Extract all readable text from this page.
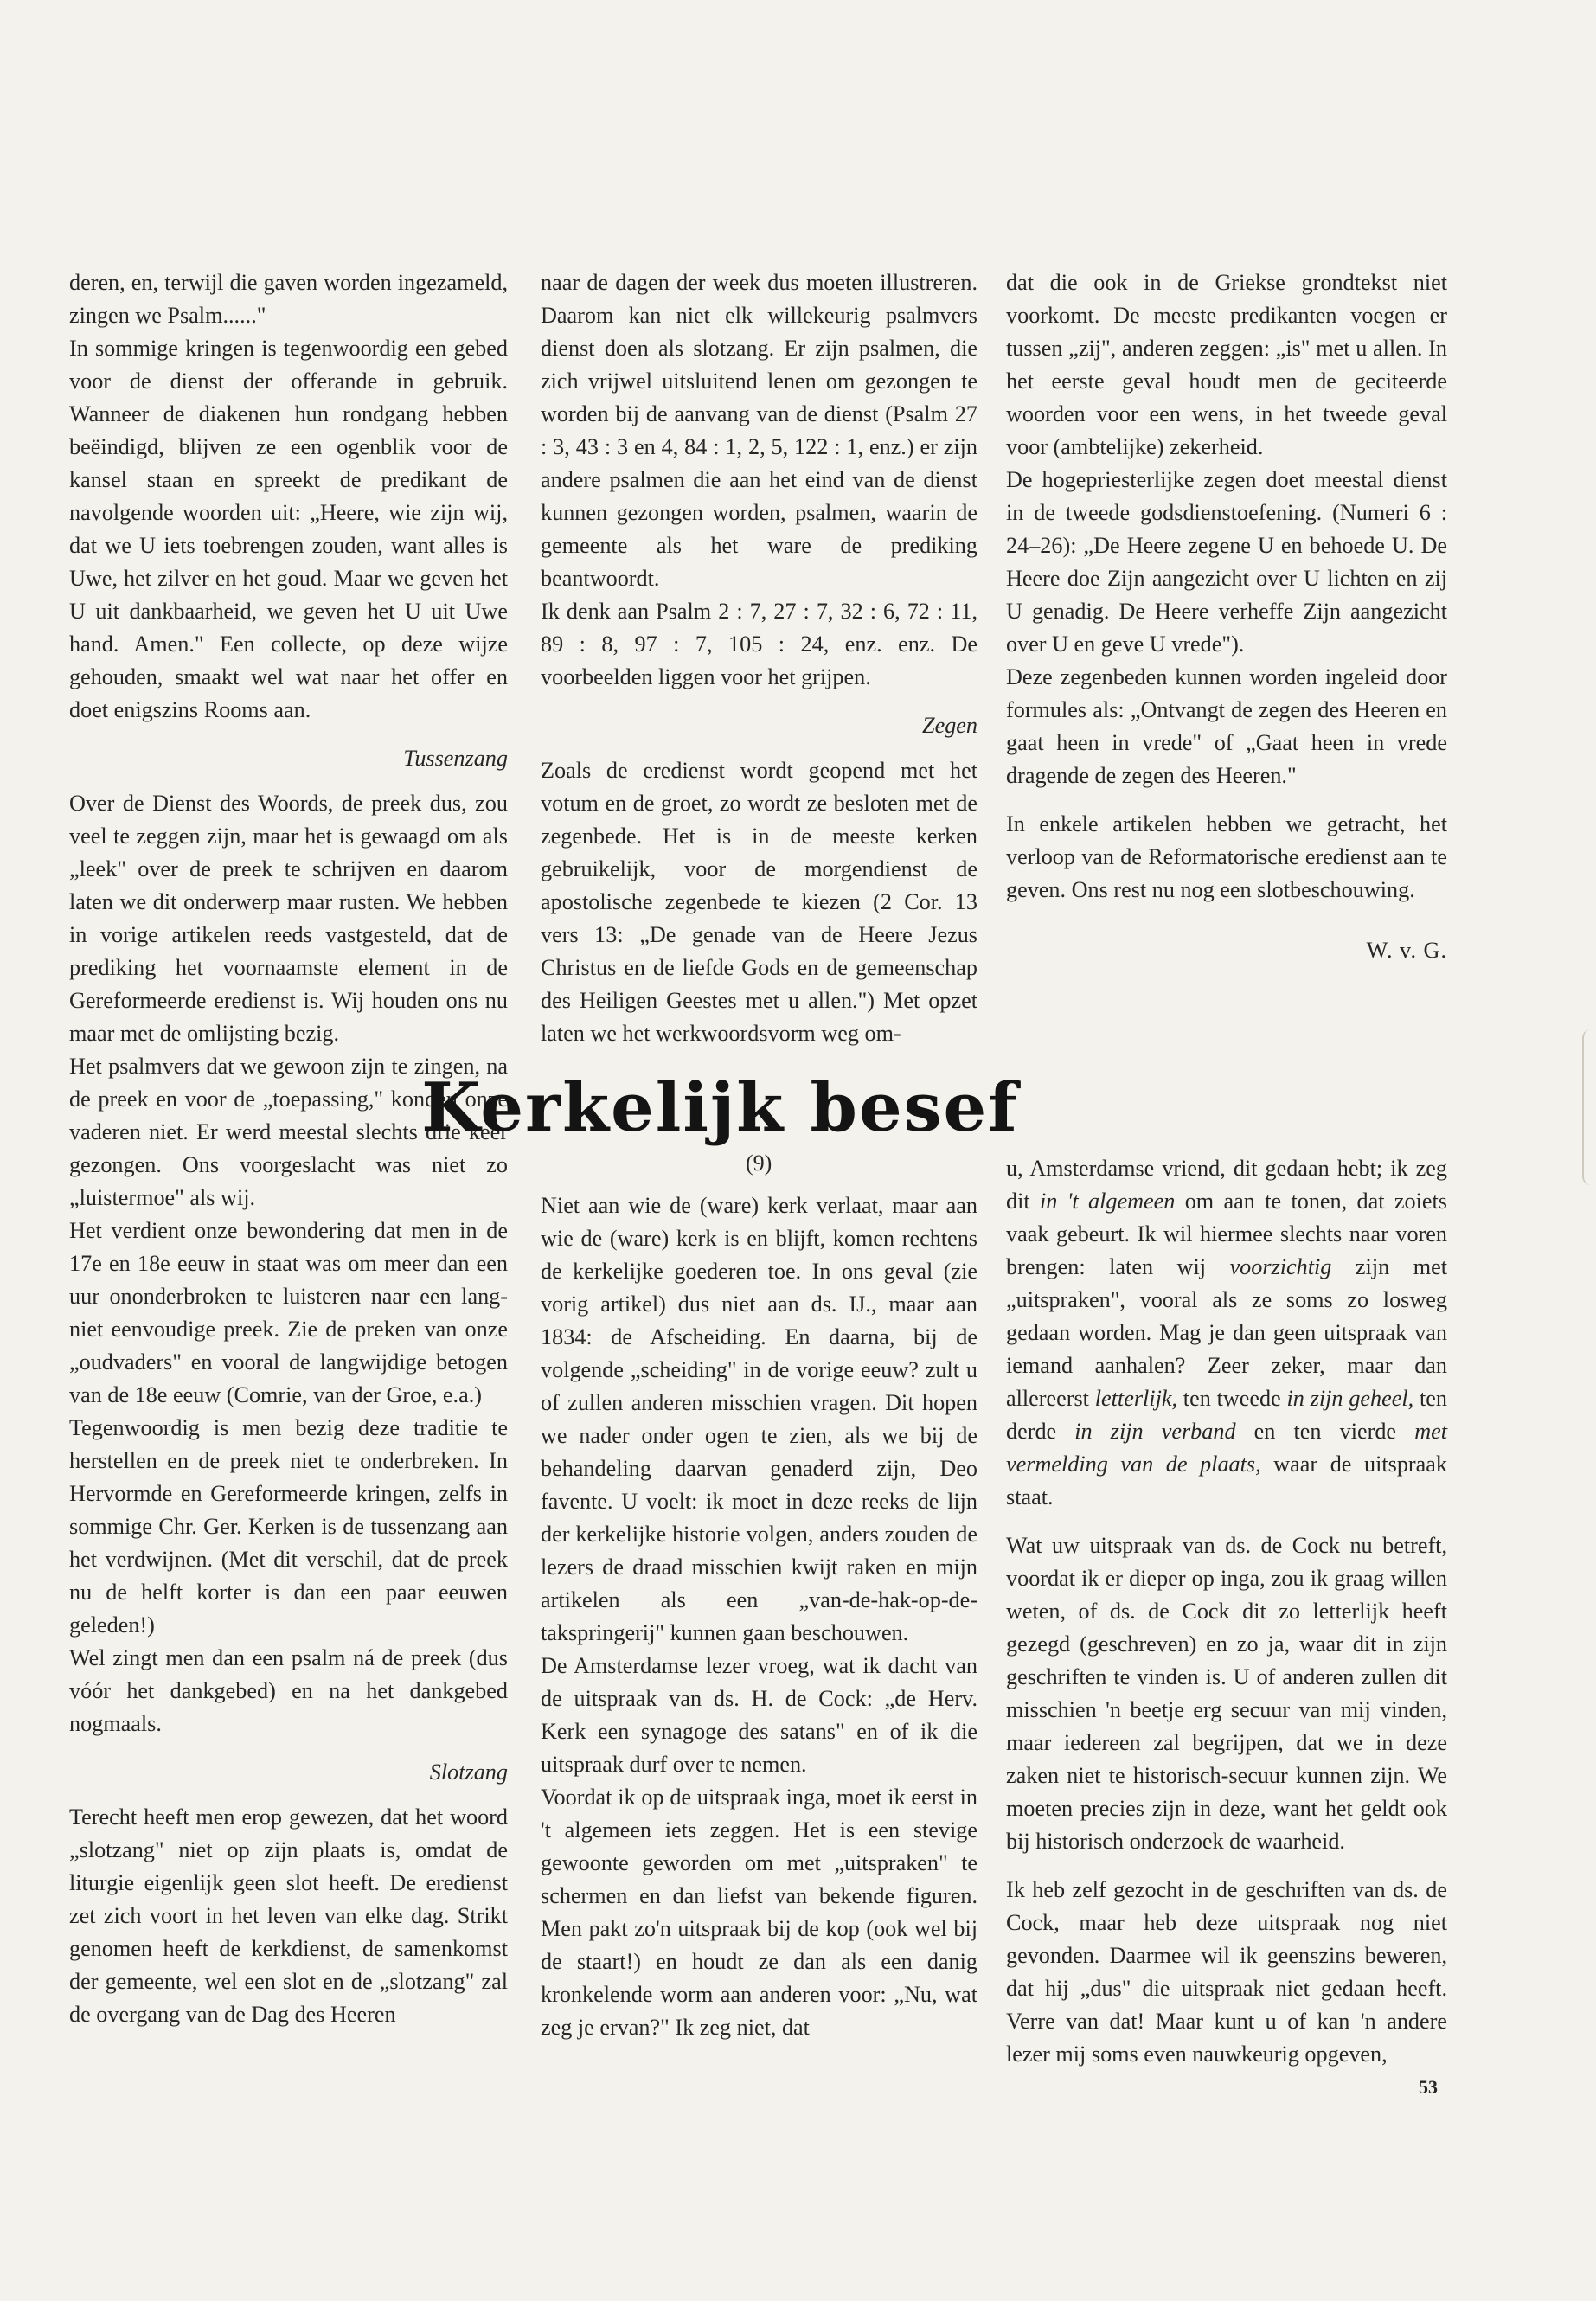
deren, en, terwijl die gaven worden ingezameld, zingen we Psalm......"

In sommige kringen is tegenwoordig een gebed voor de dienst der offerande in gebruik. Wanneer de diakenen hun rondgang hebben beëindigd, blijven ze een ogenblik voor de kansel staan en spreekt de predikant de navolgende woorden uit: „Heere, wie zijn wij, dat we U iets toebrengen zouden, want alles is Uwe, het zilver en het goud. Maar we geven het U uit dankbaarheid, we geven het U uit Uwe hand. Amen." Een collecte, op deze wijze gehouden, smaakt wel wat naar het offer en doet enigszins Rooms aan.

Tussenzang

Over de Dienst des Woords, de preek dus, zou veel te zeggen zijn, maar het is gewaagd om als „leek" over de preek te schrijven en daarom laten we dit onderwerp maar rusten. We hebben in vorige artikelen reeds vastgesteld, dat de prediking het voornaamste element in de Gereformeerde eredienst is. Wij houden ons nu maar met de omlijsting bezig.

Het psalmvers dat we gewoon zijn te zingen, na de preek en voor de „toepassing," konden onze vaderen niet. Er werd meestal slechts drie keer gezongen. Ons voorgeslacht was niet zo „luistermoe" als wij.

Het verdient onze bewondering dat men in de 17e en 18e eeuw in staat was om meer dan een uur ononderbroken te luisteren naar een lang-niet eenvoudige preek. Zie de preken van onze „oudvaders" en vooral de langwijdige betogen van de 18e eeuw (Comrie, van der Groe, e.a.)

Tegenwoordig is men bezig deze traditie te herstellen en de preek niet te onderbreken. In Hervormde en Gereformeerde kringen, zelfs in sommige Chr. Ger. Kerken is de tussenzang aan het verdwijnen. (Met dit verschil, dat de preek nu de helft korter is dan een paar eeuwen geleden!)

Wel zingt men dan een psalm ná de preek (dus vóór het dankgebed) en na het dankgebed nogmaals.

Slotzang

Terecht heeft men erop gewezen, dat het woord „slotzang" niet op zijn plaats is, omdat de liturgie eigenlijk geen slot heeft. De eredienst zet zich voort in het leven van elke dag. Strikt genomen heeft de kerkdienst, de samenkomst der gemeente, wel een slot en de „slotzang" zal de overgang van de Dag des Heeren

naar de dagen der week dus moeten illustreren. Daarom kan niet elk willekeurig psalmvers dienst doen als slotzang. Er zijn psalmen, die zich vrijwel uitsluitend lenen om gezongen te worden bij de aanvang van de dienst (Psalm 27 : 3, 43 : 3 en 4, 84 : 1, 2, 5, 122 : 1, enz.) er zijn andere psalmen die aan het eind van de dienst kunnen gezongen worden, psalmen, waarin de gemeente als het ware de prediking beantwoordt.

Ik denk aan Psalm 2 : 7, 27 : 7, 32 : 6, 72 : 11, 89 : 8, 97 : 7, 105 : 24, enz. enz. De voorbeelden liggen voor het grijpen.

Zegen

Zoals de eredienst wordt geopend met het votum en de groet, zo wordt ze besloten met de zegenbede. Het is in de meeste kerken gebruikelijk, voor de morgendienst de apostolische zegenbede te kiezen (2 Cor. 13 vers 13: „De genade van de Heere Jezus Christus en de liefde Gods en de gemeenschap des Heiligen Geestes met u allen.") Met opzet laten we het werkwoordsvorm weg om-

dat die ook in de Griekse grondtekst niet voorkomt. De meeste predikanten voegen er tussen „zij", anderen zeggen: „is" met u allen. In het eerste geval houdt men de geciteerde woorden voor een wens, in het tweede geval voor (ambtelijke) zekerheid.

De hogepriesterlijke zegen doet meestal dienst in de tweede godsdienstoefening. (Numeri 6 : 24–26): „De Heere zegene U en behoede U. De Heere doe Zijn aangezicht over U lichten en zij U genadig. De Heere verheffe Zijn aangezicht over U en geve U vrede").

Deze zegenbeden kunnen worden ingeleid door formules als: „Ontvangt de zegen des Heeren en gaat heen in vrede" of „Gaat heen in vrede dragende de zegen des Heeren."

In enkele artikelen hebben we getracht, het verloop van de Reformatorische eredienst aan te geven. Ons rest nu nog een slotbeschouwing.

W. v. G.

Kerkelijk besef
(9)

Niet aan wie de (ware) kerk verlaat, maar aan wie de (ware) kerk is en blijft, komen rechtens de kerkelijke goederen toe. In ons geval (zie vorig artikel) dus niet aan ds. IJ., maar aan 1834: de Afscheiding. En daarna, bij de volgende „scheiding" in de vorige eeuw? zult u of zullen anderen misschien vragen. Dit hopen we nader onder ogen te zien, als we bij de behandeling daarvan genaderd zijn, Deo favente. U voelt: ik moet in deze reeks de lijn der kerkelijke historie volgen, anders zouden de lezers de draad misschien kwijt raken en mijn artikelen als een „van-de-hak-op-de-takspringerij" kunnen gaan beschouwen.

De Amsterdamse lezer vroeg, wat ik dacht van de uitspraak van ds. H. de Cock: „de Herv. Kerk een synagoge des satans" en of ik die uitspraak durf over te nemen.

Voordat ik op de uitspraak inga, moet ik eerst in 't algemeen iets zeggen. Het is een stevige gewoonte geworden om met „uitspraken" te schermen en dan liefst van bekende figuren. Men pakt zo'n uitspraak bij de kop (ook wel bij de staart!) en houdt ze dan als een danig kronkelende worm aan anderen voor: „Nu, wat zeg je ervan?" Ik zeg niet, dat

u, Amsterdamse vriend, dit gedaan hebt; ik zeg dit in 't algemeen om aan te tonen, dat zoiets vaak gebeurt. Ik wil hiermee slechts naar voren brengen: laten wij voorzichtig zijn met „uitspraken", vooral als ze soms zo losweg gedaan worden. Mag je dan geen uitspraak van iemand aanhalen? Zeer zeker, maar dan allereerst letterlijk, ten tweede in zijn geheel, ten derde in zijn verband en ten vierde met vermelding van de plaats, waar de uitspraak staat.

Wat uw uitspraak van ds. de Cock nu betreft, voordat ik er dieper op inga, zou ik graag willen weten, of ds. de Cock dit zo letterlijk heeft gezegd (geschreven) en zo ja, waar dit in zijn geschriften te vinden is. U of anderen zullen dit misschien 'n beetje erg secuur van mij vinden, maar iedereen zal begrijpen, dat we in deze zaken niet te historisch-secuur kunnen zijn. We moeten precies zijn in deze, want het geldt ook bij historisch onderzoek de waarheid.

Ik heb zelf gezocht in de geschriften van ds. de Cock, maar heb deze uitspraak nog niet gevonden. Daarmee wil ik geenszins beweren, dat hij „dus" die uitspraak niet gedaan heeft. Verre van dat! Maar kunt u of kan 'n andere lezer mij soms even nauwkeurig opgeven,

53
